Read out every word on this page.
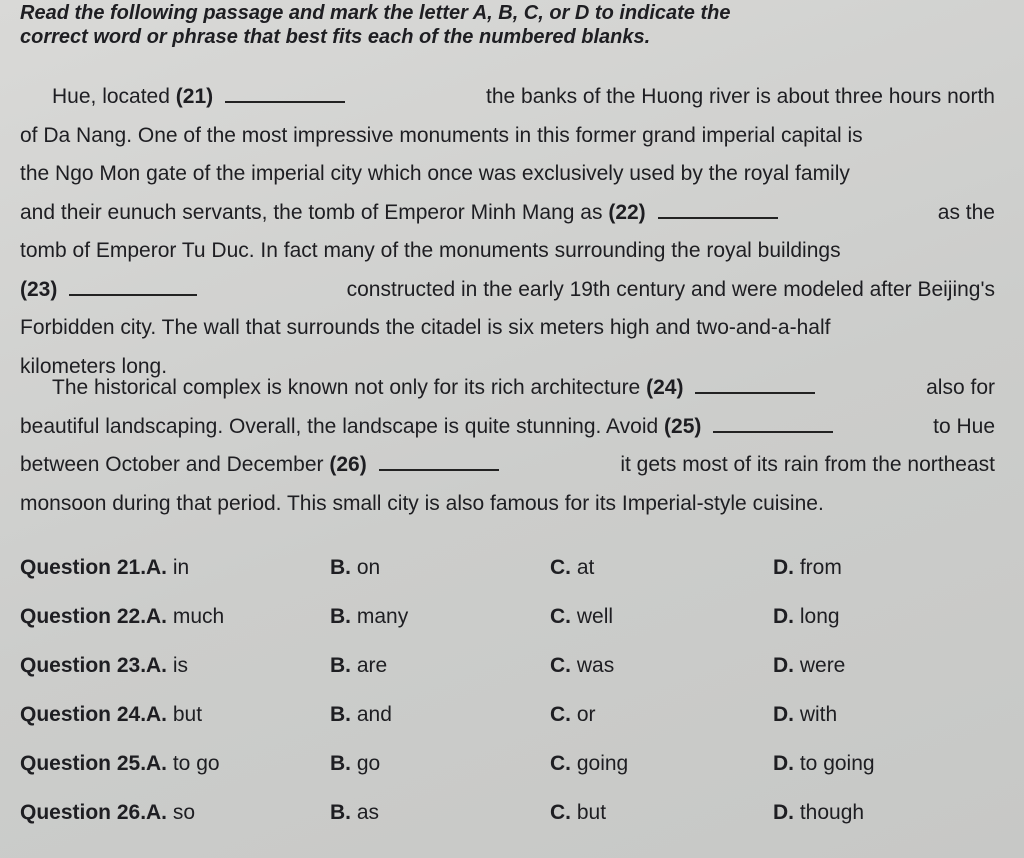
Read the following passage and mark the letter A, B, C, or D to indicate the
correct word or phrase that best fits each of the numbered blanks.
Hue, located (21)	the banks of the Huong river is about three hours north
of Da Nang. One of the most impressive monuments in this former grand imperial capital is
the Ngo Mon gate of the imperial city which once was exclusively used by the royal family
and their eunuch servants, the tomb of Emperor Minh Mang as (22)	as the
tomb of Emperor Tu Duc. In fact many of the monuments surrounding the royal buildings
(23)	constructed in the early 19th century and were modeled after Beijing's
Forbidden city. The wall that surrounds the citadel is six meters high and two-and-a-half
kilometers long.
The historical complex is known not only for its rich architecture (24)	also for
beautiful landscaping. Overall, the landscape is quite stunning. Avoid (25)	to Hue
between October and December (26)	it gets most of its rain from the northeast
monsoon during that period. This small city is also famous for its Imperial-style cuisine.
Question 21. A. in	B. on	C. at	D. from
Question 22. A. much	B. many	C. well	D. long
Question 23. A. is	B. are	C. was	D. were
Question 24. A. but	B. and	C. or	D. with
Question 25. A. to go	B. go	C. going	D. to going
Question 26. A. so	B. as	C. but	D. though
